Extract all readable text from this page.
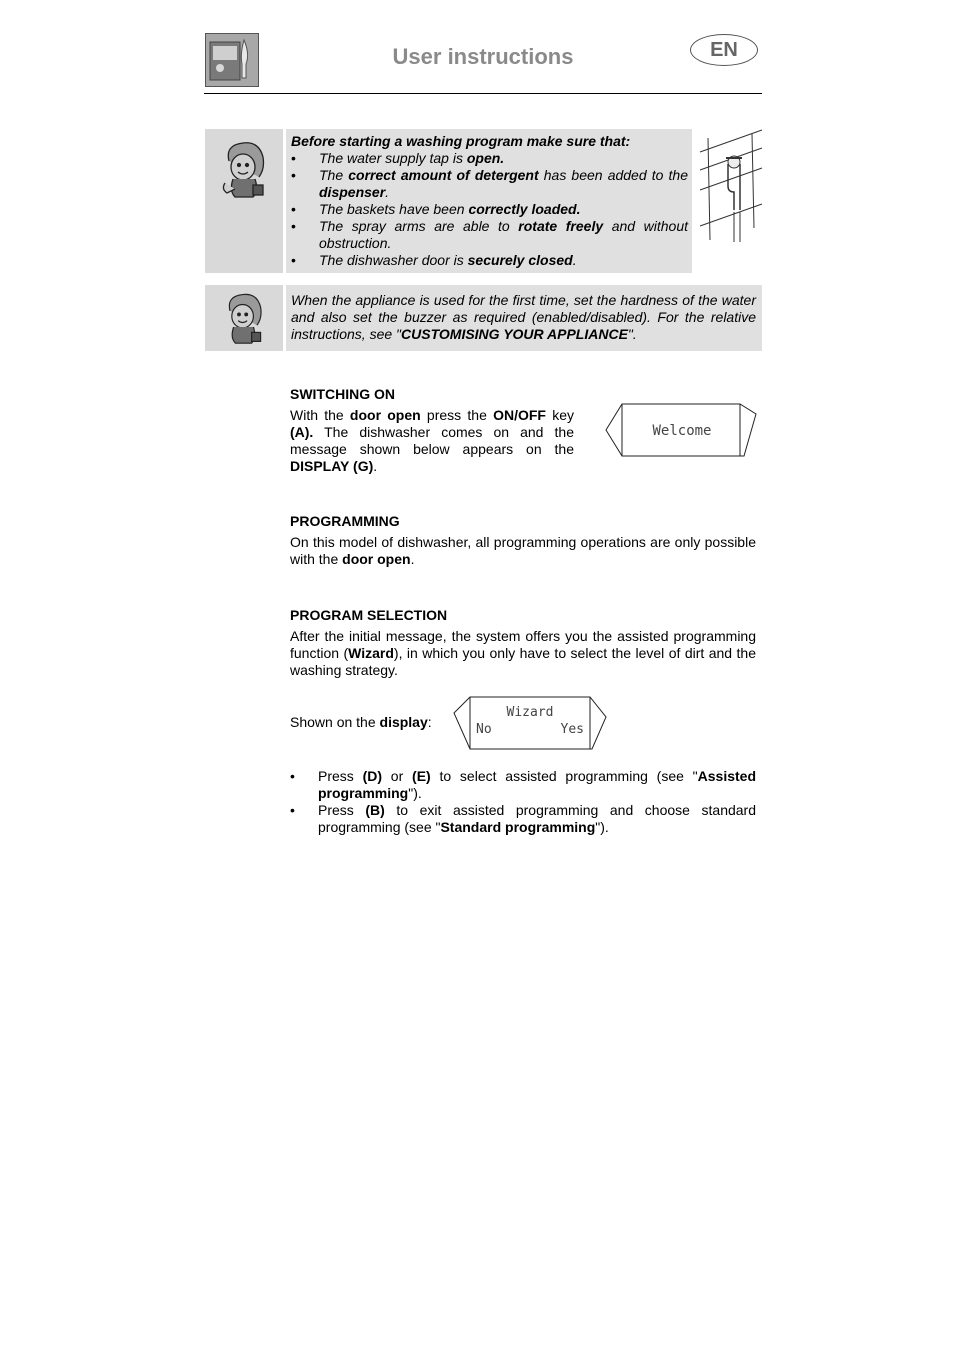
User instructions	EN
Before starting a washing program make sure that:
• The water supply tap is open.
• The correct amount of detergent has been added to the dispenser.
• The baskets have been correctly loaded.
• The spray arms are able to rotate freely and without obstruction.
• The dishwasher door is securely closed.
When the appliance is used for the first time, set the hardness of the water and also set the buzzer as required (enabled/disabled). For the relative instructions, see "CUSTOMISING YOUR APPLIANCE".
SWITCHING ON
With the door open press the ON/OFF key (A). The dishwasher comes on and the message shown below appears on the DISPLAY (G).
Welcome
PROGRAMMING
On this model of dishwasher, all programming operations are only possible with the door open.
PROGRAM SELECTION
After the initial message, the system offers you the assisted programming function (Wizard), in which you only have to select the level of dirt and the washing strategy.
Shown on the display:
Wizard
No	Yes
• Press (D) or (E) to select assisted programming (see "Assisted programming").
• Press (B) to exit assisted programming and choose standard programming (see "Standard programming").
